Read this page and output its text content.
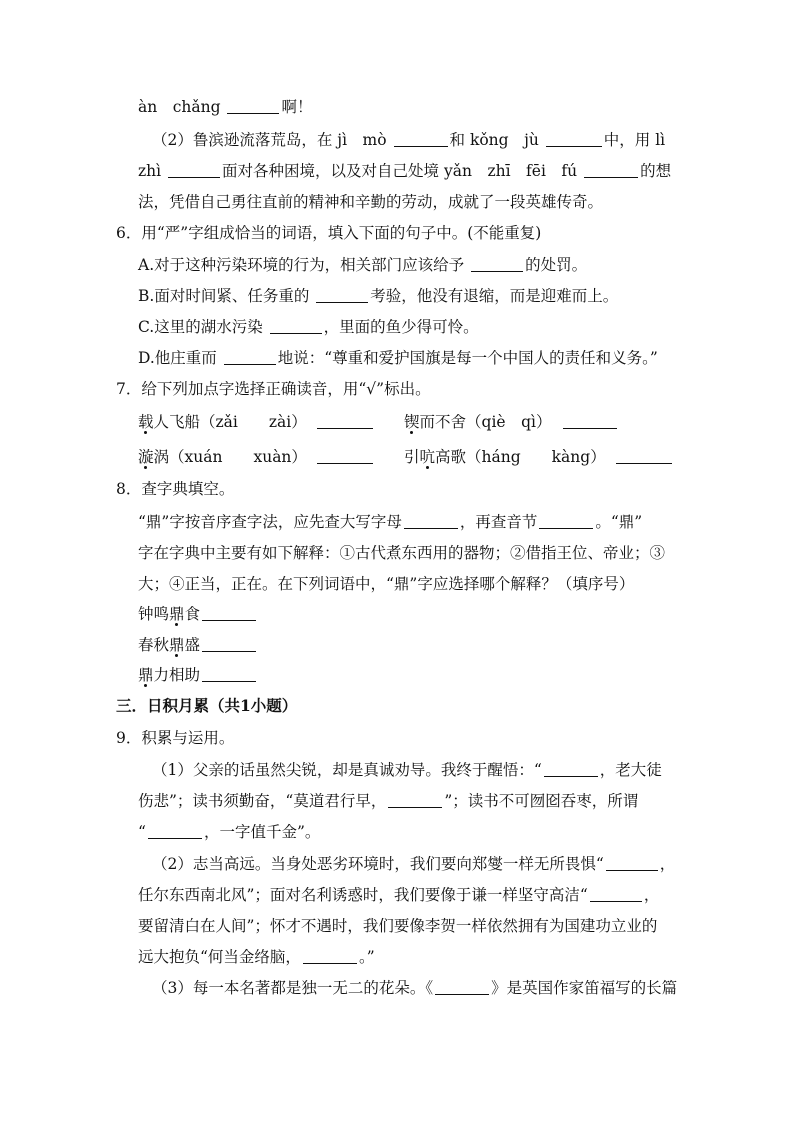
àn　chǎng	啊！
（2）鲁滨逊流落荒岛，在 jì　mò	和 kǒng　jù	中，用 lì
zhì	面对各种困境，以及对自己处境 yǎn　zhī　fēi　fú	的想
法，凭借自己勇往直前的精神和辛勤的劳动，成就了一段英雄传奇。
6．用“严”字组成恰当的词语，填入下面的句子中。(不能重复)
A.对于这种污染环境的行为，相关部门应该给予	的处罚。
B.面对时间紧、任务重的	考验，他没有退缩，而是迎难而上。
C.这里的湖水污染	，里面的鱼少得可怜。
D.他庄重而	地说：“尊重和爱护国旗是每一个中国人的责任和义务。”
7．给下列加点字选择正确读音，用“√”标出。
载人飞船（zǎi　　zài）	锲而不舍（qiè　qì）
漩涡（xuán　　xuàn）	引吭高歌（háng　　kàng）
8．查字典填空。
“鼎”字按音序查字法，应先查大写字母	，再查音节	。“鼎”
字在字典中主要有如下解释：①古代煮东西用的器物；②借指王位、帝业；③
大；④正当，正在。在下列词语中，“鼎”字应选择哪个解释？（填序号）
钟鸣鼎食
春秋鼎盛
鼎力相助
三．日积月累（共1小题）
9．积累与运用。
（1）父亲的话虽然尖锐，却是真诚劝导。我终于醒悟：“	，老大徒
伤悲”；读书须勤奋，“莫道君行早，	”；读书不可囫囵吞枣，所谓
“	，一字值千金”。
（2）志当高远。当身处恶劣环境时，我们要向郑燮一样无所畏惧“	，
任尔东西南北风”；面对名利诱惑时，我们要像于谦一样坚守高洁“	，
要留清白在人间”；怀才不遇时，我们要像李贺一样依然拥有为国建功立业的
远大抱负“何当金络脑，	。”
（3）每一本名著都是独一无二的花朵。《	》是英国作家笛福写的长篇
